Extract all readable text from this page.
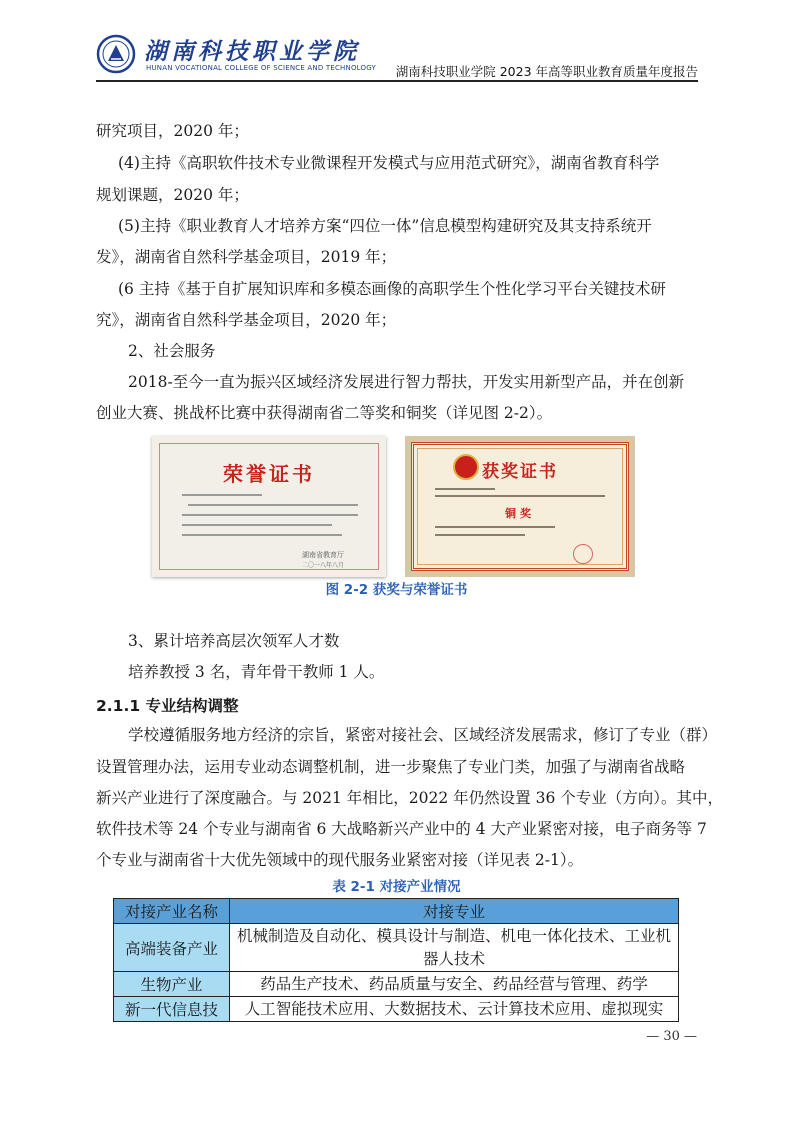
湖南科技职业学院
HUNAN VOCATIONAL COLLEGE OF SCIENCE AND TECHNOLOGY 湖南科技职业学院 2023 年高等职业教育质量年度报告
研究项目，2020 年；
(4)主持《高职软件技术专业微课程开发模式与应用范式研究》，湖南省教育科学
规划课题，2020 年；
(5)主持《职业教育人才培养方案“四位一体”信息模型构建研究及其支持系统开
发》，湖南省自然科学基金项目，2019 年；
(6 主持《基于自扩展知识库和多模态画像的高职学生个性化学习平台关键技术研
究》，湖南省自然科学基金项目，2020 年；
2、社会服务
2018-至今一直为振兴区域经济发展进行智力帮扶，开发实用新型产品，并在创新
创业大赛、挑战杯比赛中获得湖南省二等奖和铜奖（详见图 2-2）。
荣誉证书
湖南省教育厅
二〇一八年八月
获奖证书
铜奖
图 2-2 获奖与荣誉证书
3、累计培养高层次领军人才数
培养教授 3 名，青年骨干教师 1 人。
2.1.1 专业结构调整
学校遵循服务地方经济的宗旨，紧密对接社会、区域经济发展需求，修订了专业（群）
设置管理办法，运用专业动态调整机制，进一步聚焦了专业门类，加强了与湖南省战略
新兴产业进行了深度融合。与 2021 年相比，2022 年仍然设置 36 个专业（方向）。其中，
软件技术等 24 个专业与湖南省 6 大战略新兴产业中的 4 大产业紧密对接，电子商务等 7
个专业与湖南省十大优先领域中的现代服务业紧密对接（详见表 2-1）。
表 2-1 对接产业情况
对接产业名称	对接专业
高端装备产业	机械制造及自动化、模具设计与制造、机电一体化技术、工业机器人技术
生物产业	药品生产技术、药品质量与安全、药品经营与管理、药学
新一代信息技	人工智能技术应用、大数据技术、云计算技术应用、虚拟现实
— 30 —
